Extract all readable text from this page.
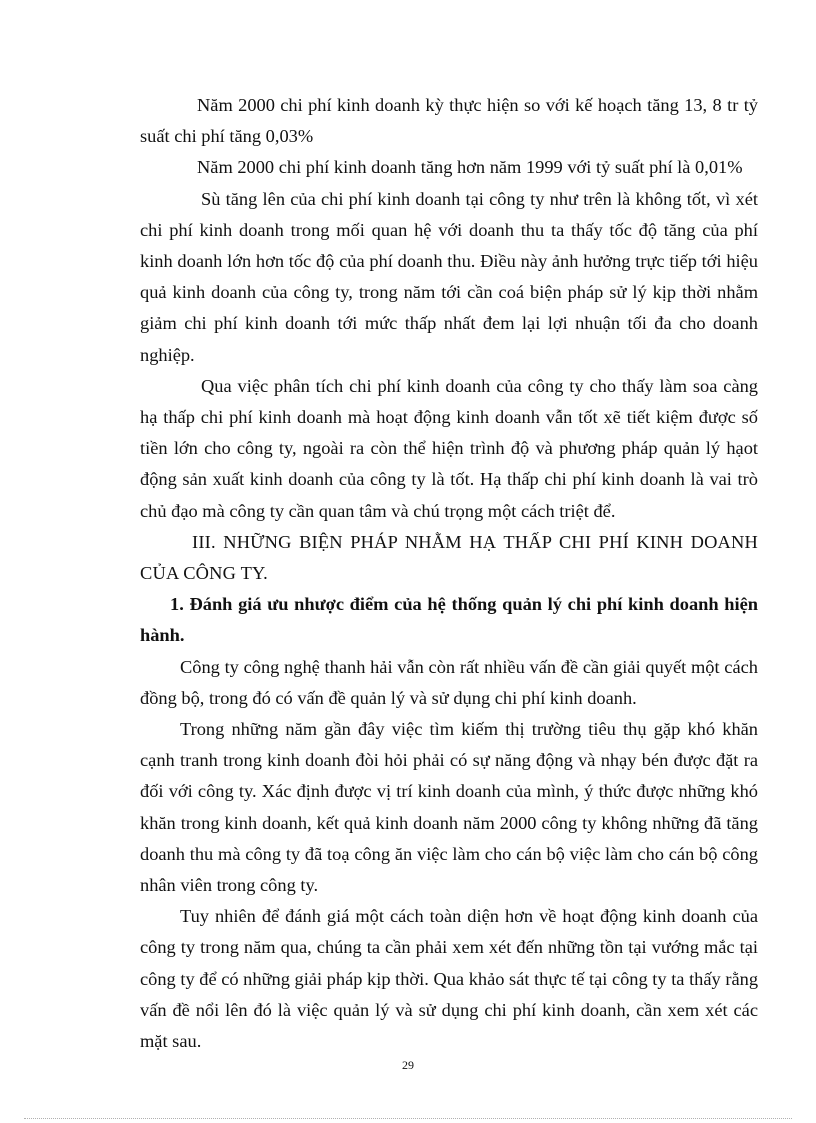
Năm 2000 chi phí kinh doanh kỳ thực hiện so với kế hoạch tăng 13, 8 tr tỷ suất chi phí tăng 0,03%

Năm 2000 chi phí kinh doanh tăng hơn năm 1999 với tỷ suất phí là 0,01%

Sù tăng lên của chi phí kinh doanh tại công ty như trên là không tốt, vì xét chi phí kinh doanh trong mối quan hệ với doanh thu ta thấy tốc độ tăng của phí kinh doanh lớn hơn tốc độ của phí doanh thu. Điều này ảnh hưởng trực tiếp tới hiệu quả kinh doanh của công ty, trong năm tới cần coá biện pháp sử lý kịp thời nhằm giảm chi phí kinh doanh tới mức thấp nhất đem lại lợi nhuận tối đa cho doanh nghiệp.

Qua việc phân tích chi phí kinh doanh của công ty cho thấy làm soa càng hạ thấp chi phí kinh doanh mà hoạt động kinh doanh vẫn tốt xẽ tiết kiệm được số tiền lớn cho công ty, ngoài ra còn thể hiện trình độ và phương pháp quản lý hạot động sản xuất kinh doanh của công ty là tốt. Hạ thấp chi phí kinh doanh là vai trò chủ đạo mà công ty cần quan tâm và chú trọng một cách triệt để.

III. NHỮNG BIỆN PHÁP NHẰM HẠ THẤP CHI PHÍ KINH DOANH CỦA CÔNG TY.

1. Đánh giá ưu nhược điểm của hệ thống quản lý chi phí kinh doanh hiện hành.

Công ty công nghệ thanh hải vẫn còn rất nhiều vấn đề cần giải quyết một cách đồng bộ, trong đó có vấn đề quản lý và sử dụng chi phí kinh doanh.

Trong những năm gần đây việc tìm kiếm thị trường tiêu thụ gặp khó khăn cạnh tranh trong kinh doanh đòi hỏi phải có sự năng động và nhạy bén được đặt ra đối với công ty. Xác định được vị trí kinh doanh của mình, ý thức được những khó khăn trong kinh doanh, kết quả kinh doanh năm 2000 công ty không những đã tăng doanh thu mà công ty đã toạ công ăn việc làm cho cán bộ việc làm cho cán bộ công nhân viên trong công ty.

Tuy nhiên để đánh giá một cách toàn diện hơn về hoạt động kinh doanh của công ty trong năm qua, chúng ta cần phải xem xét đến những tồn tại vướng mắc tại công ty để có những giải pháp kịp thời. Qua khảo sát thực tế tại công ty ta thấy rằng vấn đề nổi lên đó là việc quản lý và sử dụng chi phí kinh doanh, cần xem xét các mặt sau.

29
